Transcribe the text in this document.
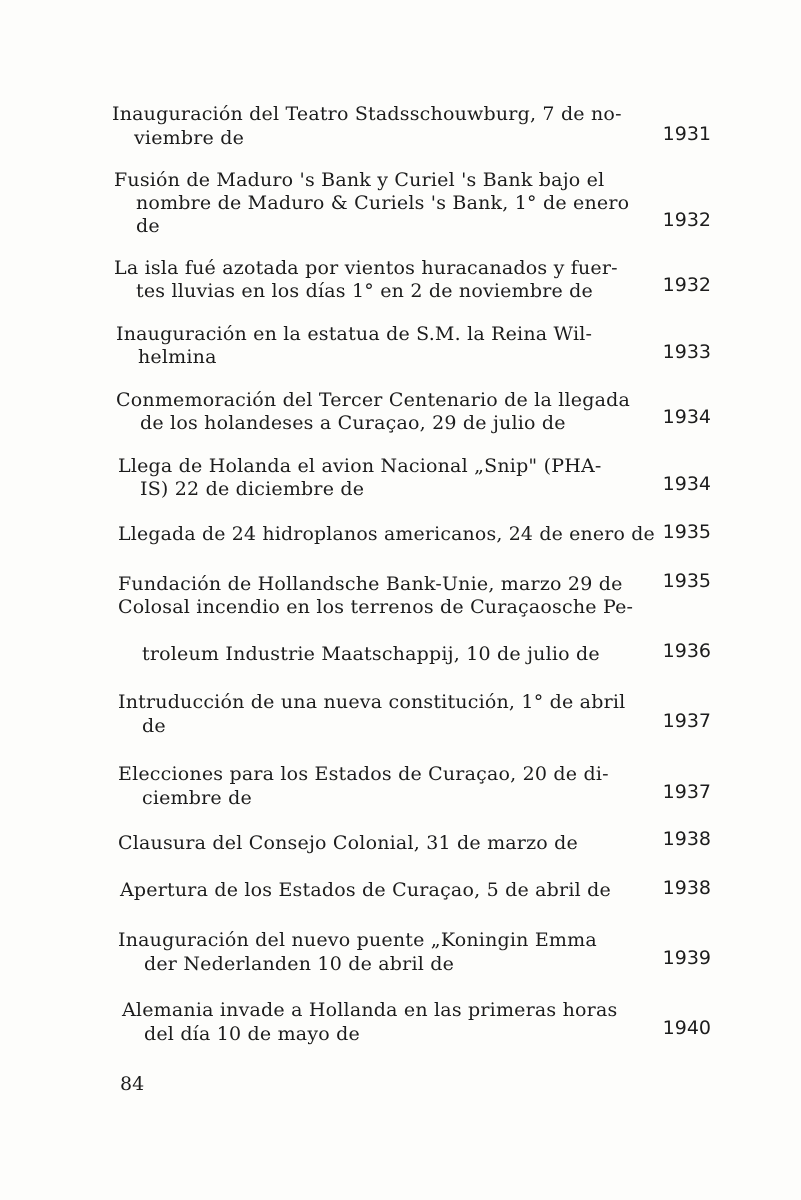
Inauguración del Teatro Stadsschouwburg, 7 de no-
viembre de	1931
Fusión de Maduro 's Bank y Curiel 's Bank bajo el
nombre de Maduro & Curiels 's Bank, 1° de enero
de	1932
La isla fué azotada por vientos huracanados y fuer-
tes lluvias en los días 1° en 2 de noviembre de	1932
Inauguración en la estatua de S.M. la Reina Wil-
helmina	1933
Conmemoración del Tercer Centenario de la llegada
de los holandeses a Curaçao, 29 de julio de	1934
Llega de Holanda el avion Nacional „Snip" (PHA-
IS) 22 de diciembre de	1934
Llegada de 24 hidroplanos americanos, 24 de enero de 1935
Fundación de Hollandsche Bank-Unie, marzo 29 de 1935
Colosal incendio en los terrenos de Curaçaosche Pe-
troleum Industrie Maatschappij, 10 de julio de	1936
Intruducción de una nueva constitución, 1° de abril
de	1937
Elecciones para los Estados de Curaçao, 20 de di-
ciembre de	1937
Clausura del Consejo Colonial, 31 de marzo de	1938
Apertura de los Estados de Curaçao, 5 de abril de	1938
Inauguración del nuevo puente „Koningin Emma
der Nederlanden 10 de abril de	1939
Alemania invade a Hollanda en las primeras horas
del día 10 de mayo de	1940
84
